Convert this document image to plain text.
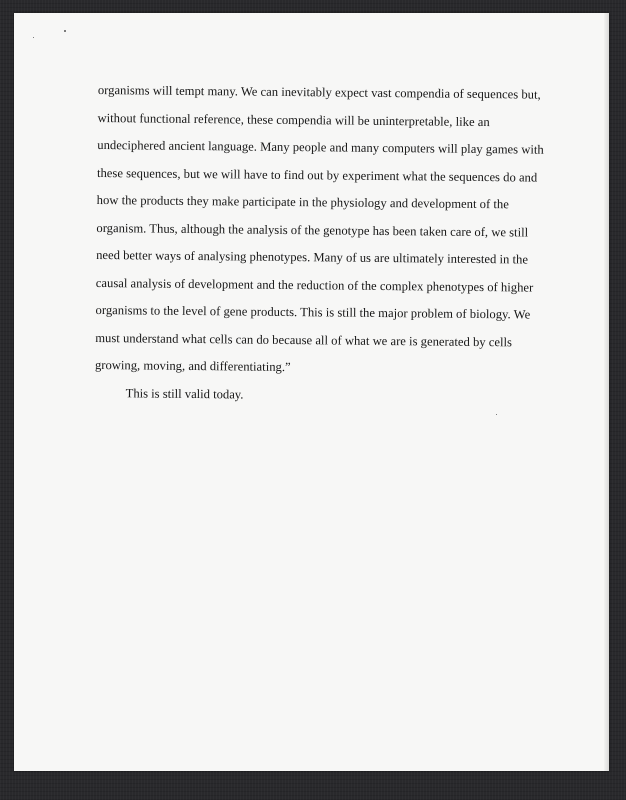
organisms will tempt many. We can inevitably expect vast compendia of sequences but,
without functional reference, these compendia will be uninterpretable, like an
undeciphered ancient language. Many people and many computers will play games with
these sequences, but we will have to find out by experiment what the sequences do and
how the products they make participate in the physiology and development of the
organism. Thus, although the analysis of the genotype has been taken care of, we still
need better ways of analysing phenotypes. Many of us are ultimately interested in the
causal analysis of development and the reduction of the complex phenotypes of higher
organisms to the level of gene products. This is still the major problem of biology. We
must understand what cells can do because all of what we are is generated by cells
growing, moving, and differentiating.”
This is still valid today.
